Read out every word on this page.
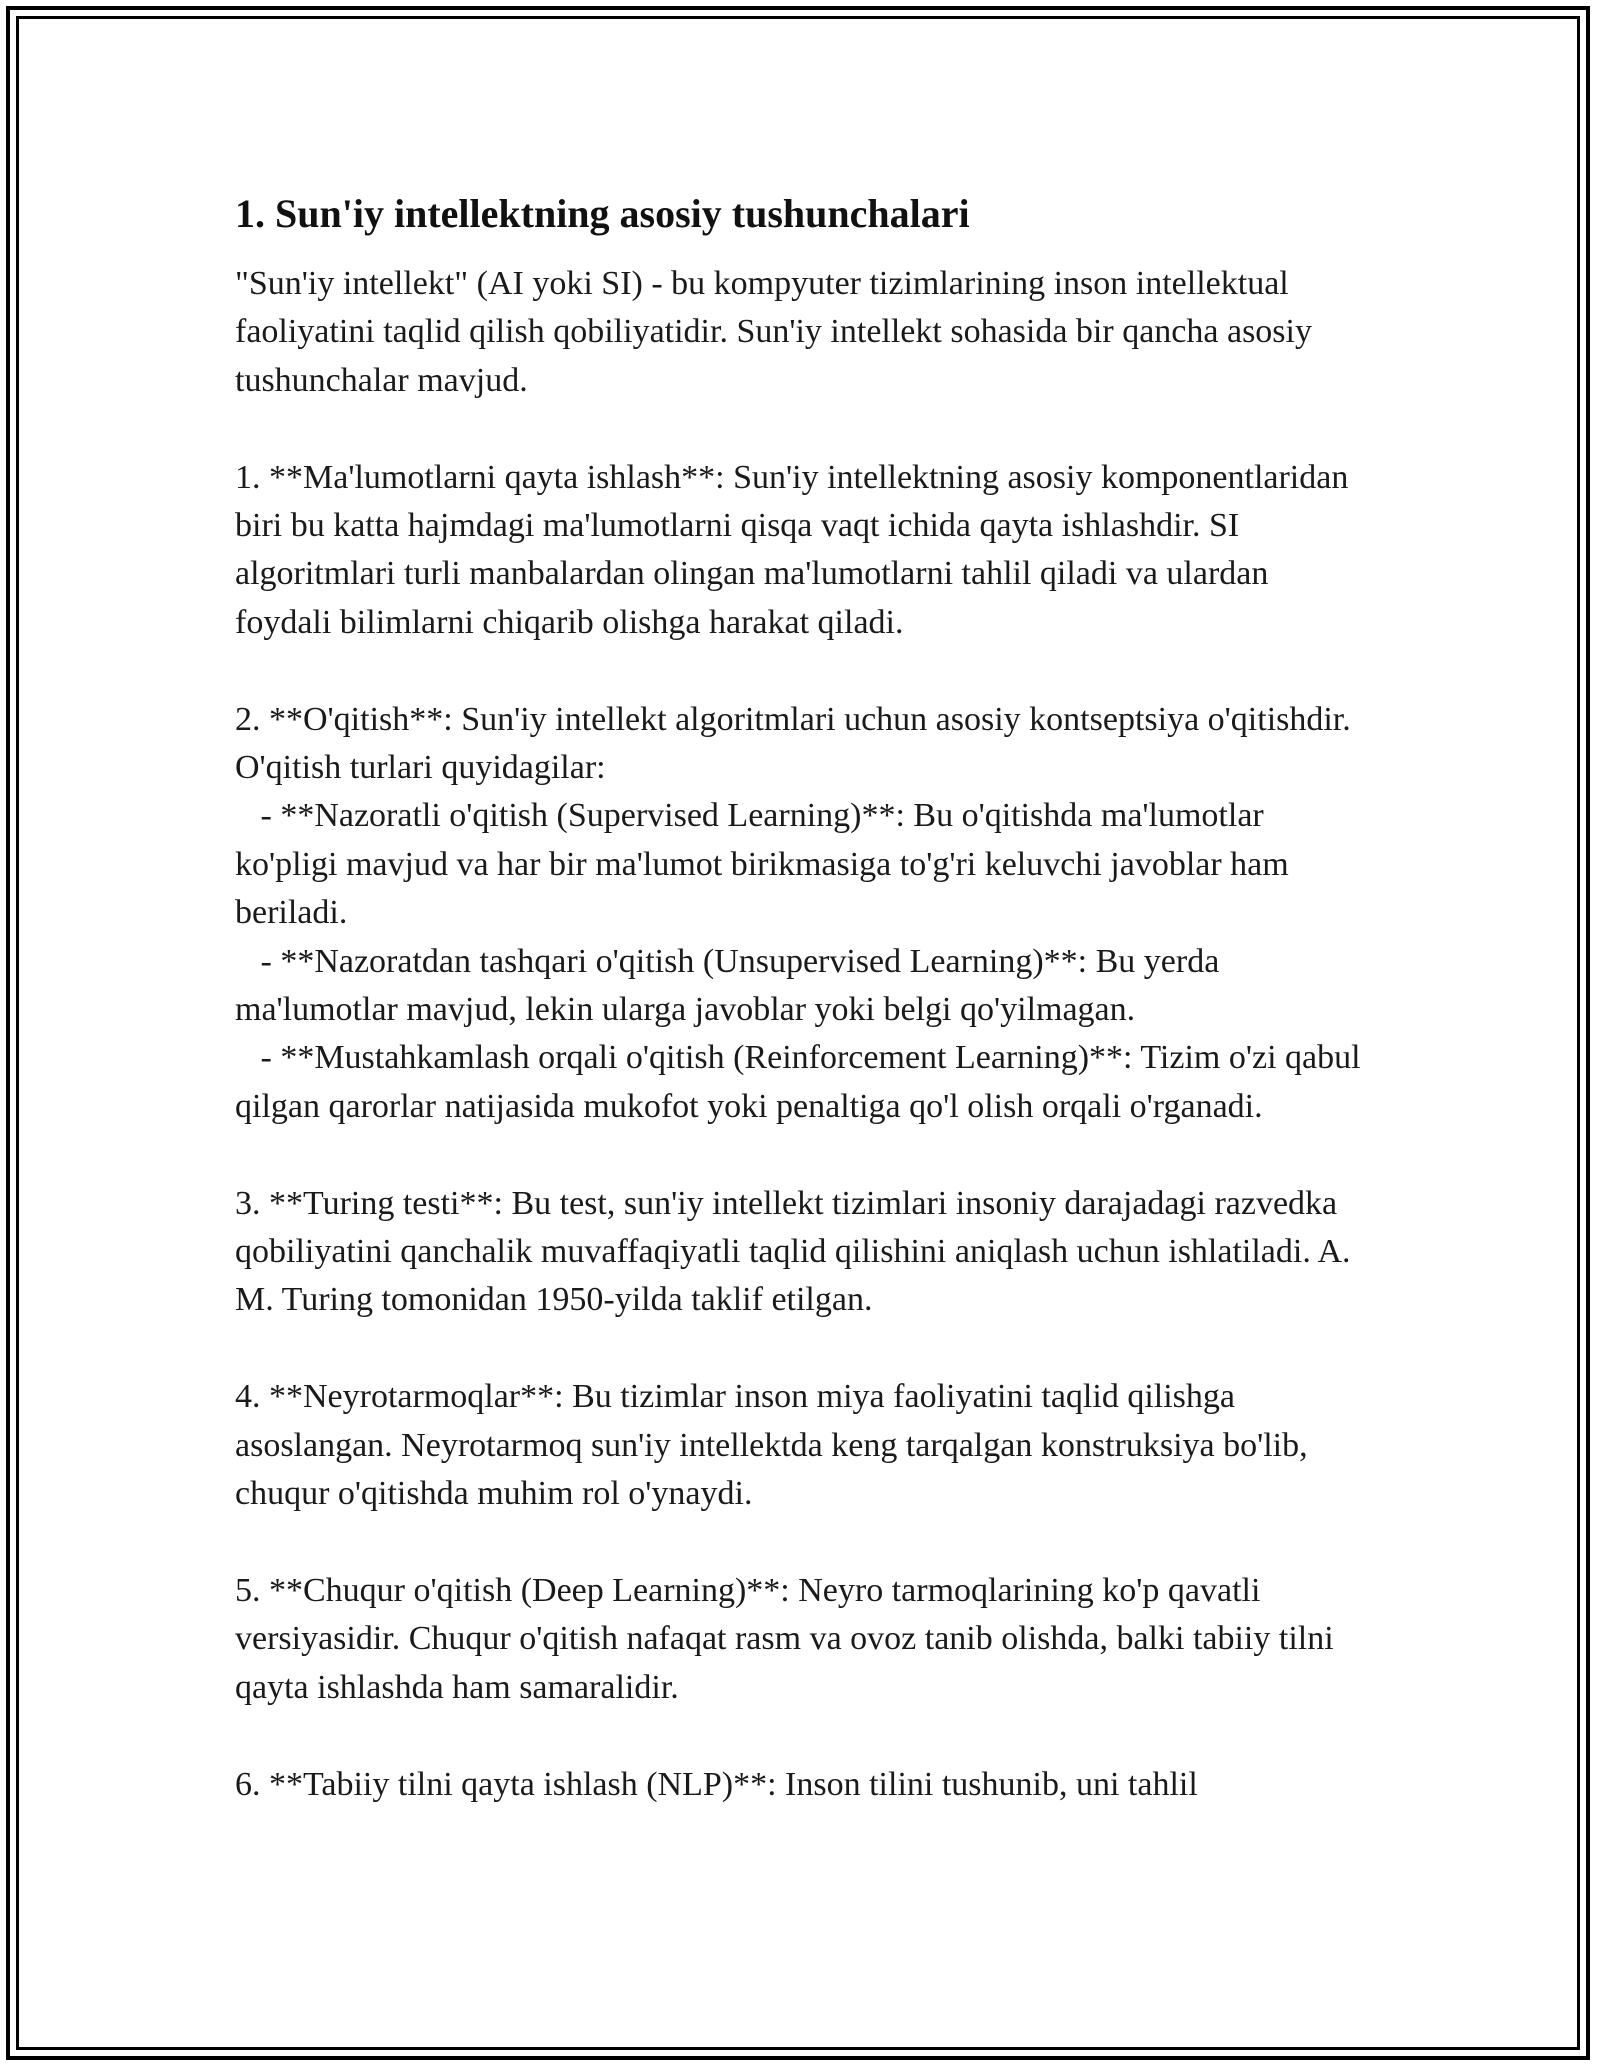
1. Sun'iy intellektning asosiy tushunchalari

"Sun'iy intellekt" (AI yoki SI) - bu kompyuter tizimlarining inson intellektual faoliyatini taqlid qilish qobiliyatidir. Sun'iy intellekt sohasida bir qancha asosiy tushunchalar mavjud.

1. **Ma'lumotlarni qayta ishlash**: Sun'iy intellektning asosiy komponentlaridan biri bu katta hajmdagi ma'lumotlarni qisqa vaqt ichida qayta ishlashdir. SI algoritmlari turli manbalardan olingan ma'lumotlarni tahlil qiladi va ulardan foydali bilimlarni chiqarib olishga harakat qiladi.

2. **O'qitish**: Sun'iy intellekt algoritmlari uchun asosiy kontseptsiya o'qitishdir. O'qitish turlari quyidagilar:

- **Nazoratli o'qitish (Supervised Learning)**: Bu o'qitishda ma'lumotlar ko'pligi mavjud va har bir ma'lumot birikmasiga to'g'ri keluvchi javoblar ham beriladi.

- **Nazoratdan tashqari o'qitish (Unsupervised Learning)**: Bu yerda ma'lumotlar mavjud, lekin ularga javoblar yoki belgi qo'yilmagan.

- **Mustahkamlash orqali o'qitish (Reinforcement Learning)**: Tizim o'zi qabul qilgan qarorlar natijasida mukofot yoki penaltiga qo'l olish orqali o'rganadi.

3. **Turing testi**: Bu test, sun'iy intellekt tizimlari insoniy darajadagi razvedka qobiliyatini qanchalik muvaffaqiyatli taqlid qilishini aniqlash uchun ishlatiladi. A. M. Turing tomonidan 1950-yilda taklif etilgan.

4. **Neyrotarmoqlar**: Bu tizimlar inson miya faoliyatini taqlid qilishga asoslangan. Neyrotarmoq sun'iy intellektda keng tarqalgan konstruksiya bo'lib, chuqur o'qitishda muhim rol o'ynaydi.

5. **Chuqur o'qitish (Deep Learning)**: Neyro tarmoqlarining ko'p qavatli versiyasidir. Chuqur o'qitish nafaqat rasm va ovoz tanib olishda, balki tabiiy tilni qayta ishlashda ham samaralidir.

6. **Tabiiy tilni qayta ishlash (NLP)**: Inson tilini tushunib, uni tahlil
